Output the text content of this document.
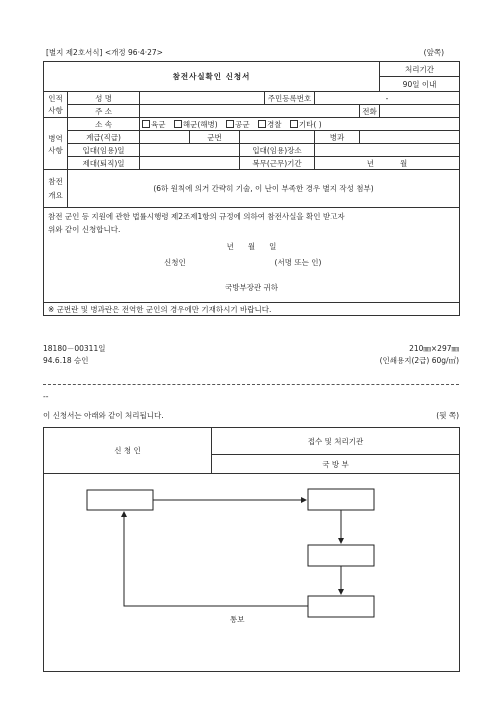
[별지 제2호서식] <개정 96·4·27>	(앞쪽)
참전사실확인 신청서								처리기간
								90일 이내
인적	성 명				주민등록번호	-		
사항	주 소						전화	
병역	소 속	육군 해군(해병) 공군 경찰 기타( )						
	계급(직급)		군번			병과		
사항	입대(임용)일			입대(임용)장소				
	제대(퇴직)일			복무(근무)기간		년 월		
참전
개요	(6하 원칙에 의거 간략히 기술, 이 난이 부족한 경우 별지 작성 첨부)							

참전 군인 등 지원에 관한 법률시행령 제2조제1항의 규정에 의하여 참전사실을 확인 받고자
위와 같이 신청합니다.
년 월 일
신청인 (서명 또는 인)
국방부장관 귀하								

※ 군번란 및 병과란은 전역한 군인의 경우에만 기재하시기 바랍니다.								
18180－00311일
94.6.18 승인
210㎜×297㎜
(인쇄용지(2급) 60g/㎡)
--
이 신청서는 아래와 같이 처리됩니다.	(뒷 쪽)
신 청 인	접수 및 처리기관
	국 방 부

통보
